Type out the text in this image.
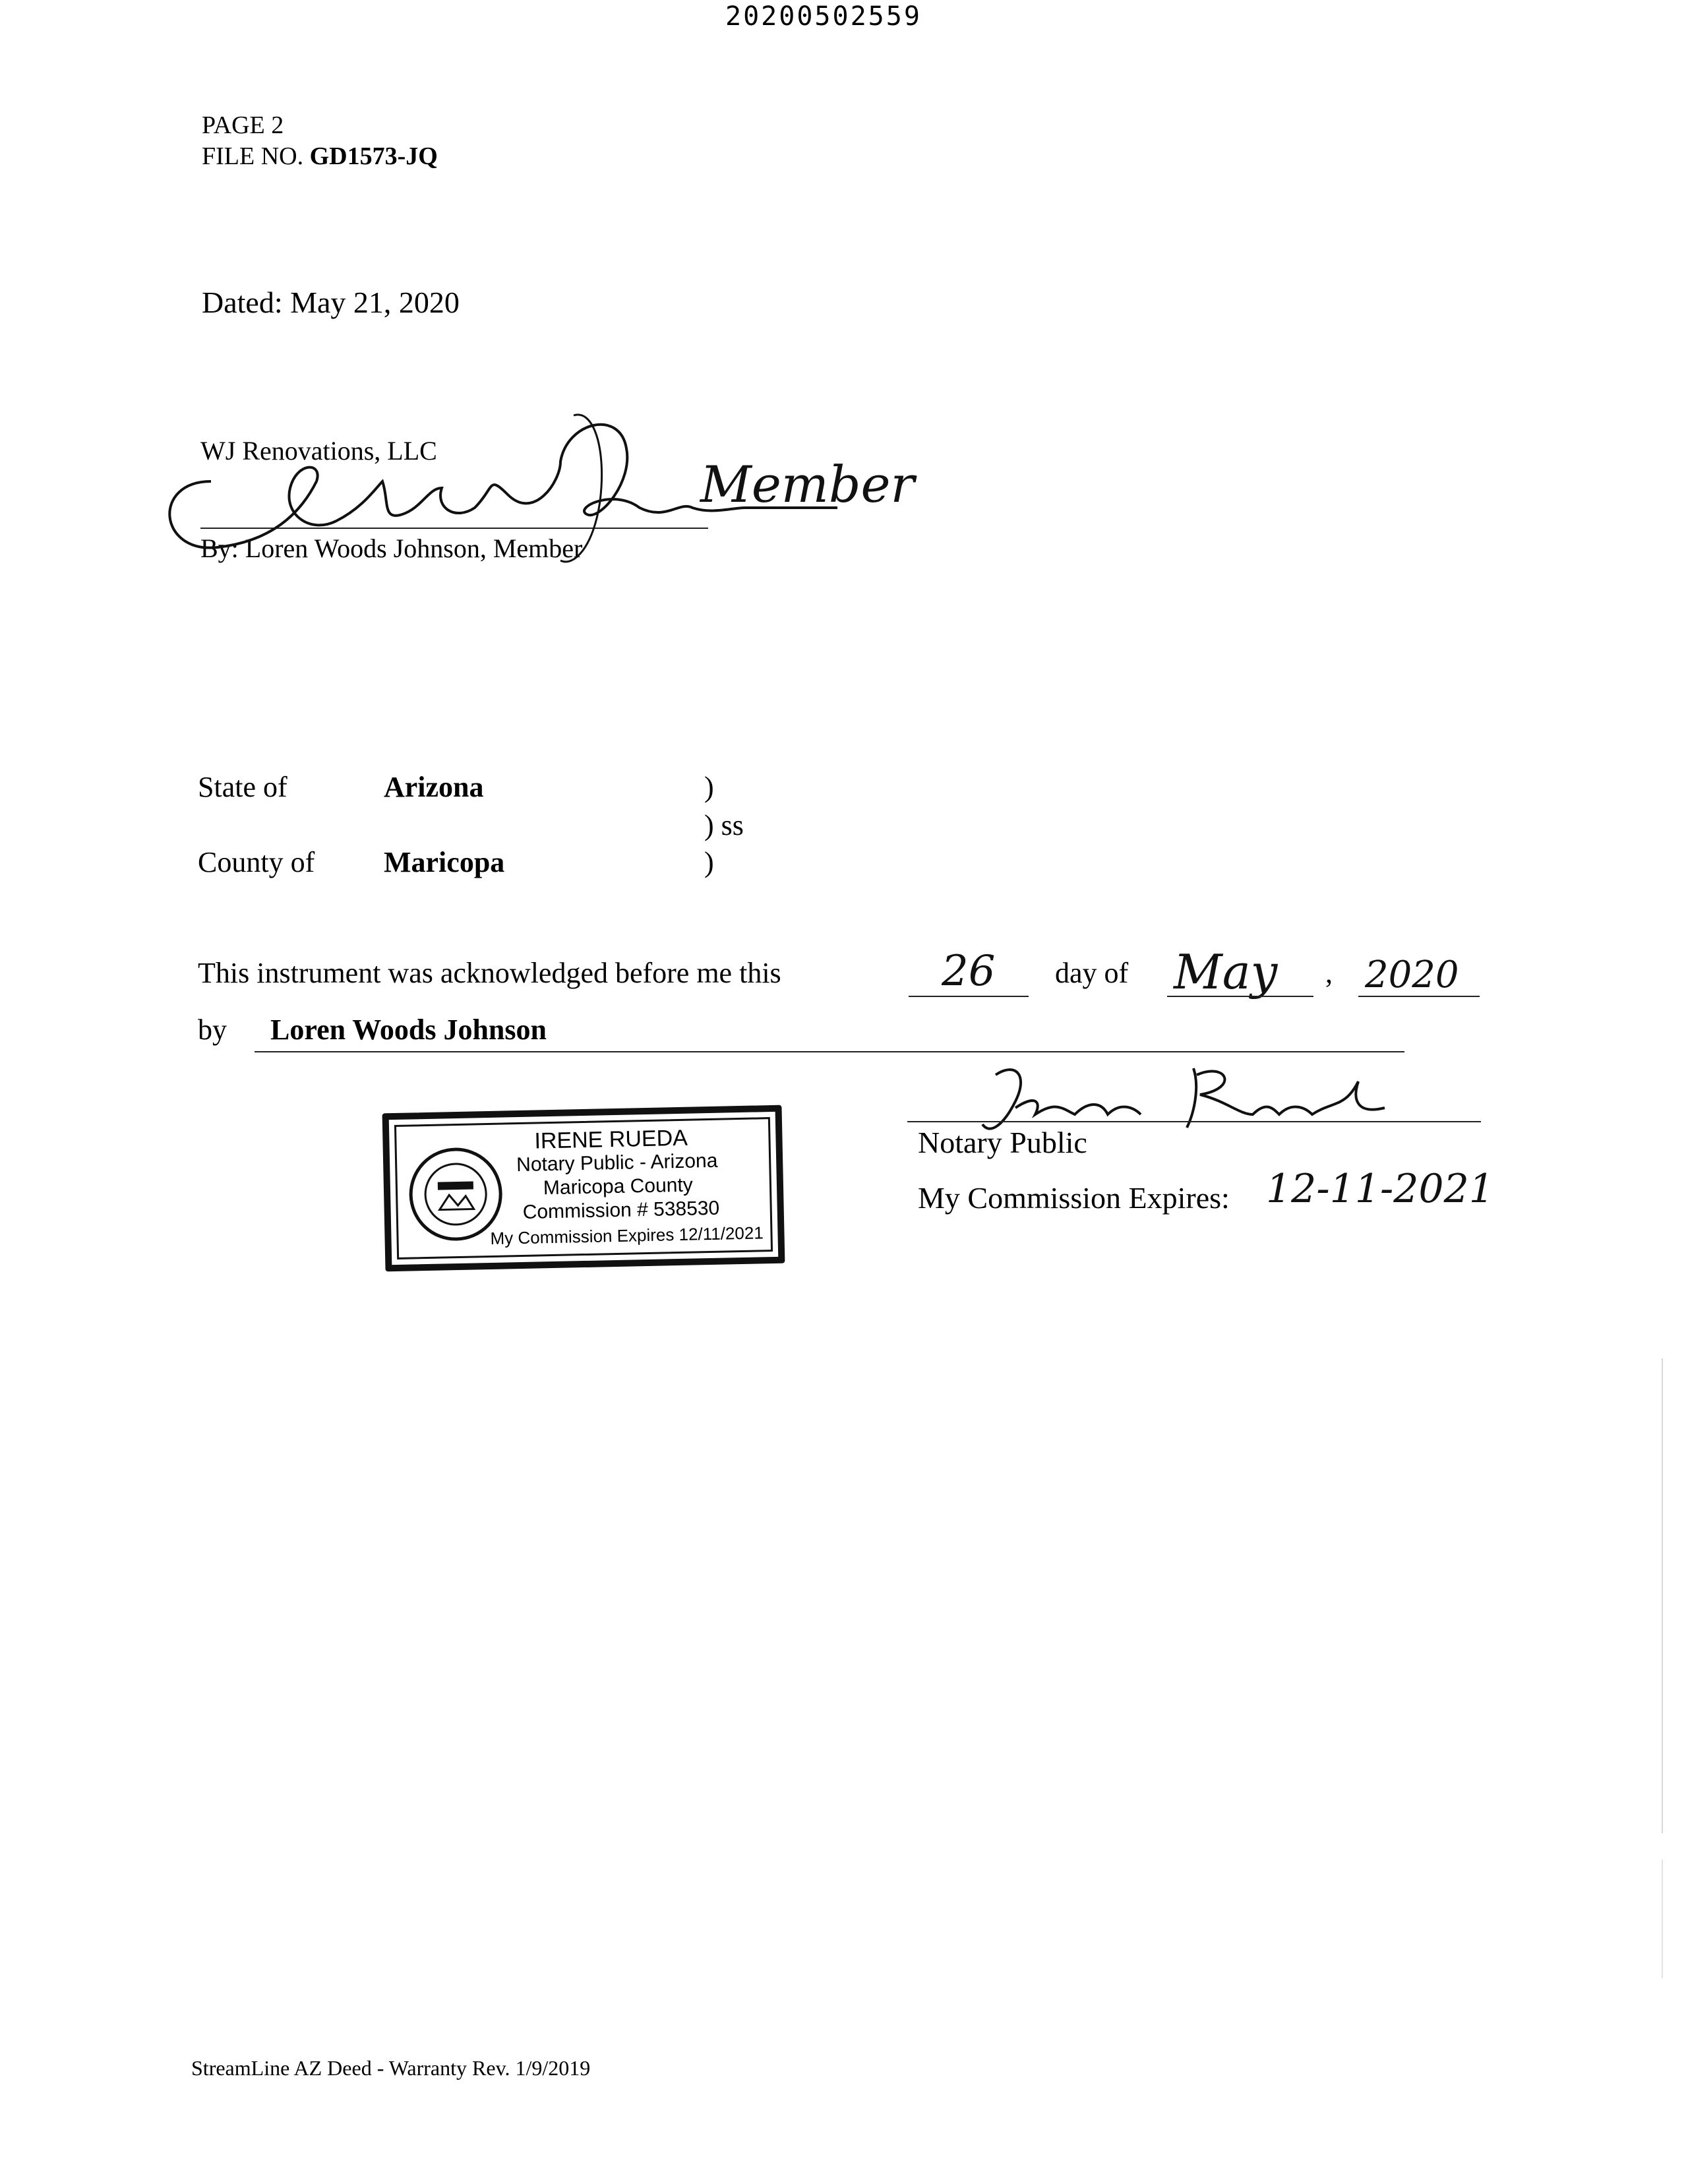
20200502559
PAGE 2
FILE NO. GD1573-JQ
Dated: May 21, 2020
WJ Renovations, LLC
By: Loren Woods Johnson, Member
Member
State of	Arizona	)
) ss
County of Maricopa	)
This instrument was acknowledged before me this	26 day of May , 2020
by Loren Woods Johnson
IRENE RUEDA
Notary Public - Arizona
Maricopa County
Commission # 538530
My Commission Expires 12/11/2021
Notary Public
My Commission Expires: 12-11-2021
StreamLine AZ Deed - Warranty Rev. 1/9/2019
